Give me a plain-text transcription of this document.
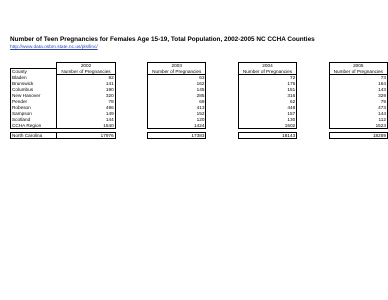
Number of Teen Pregnancies for Females Age 15-19, Total Population, 2002-2005 NC CCHA Counties
http://www.data.osbm.state.nc.us/pls/linc/
	2002		2003		2004		2005
County	Number of Pregnancies		Number of Pregnancies		Number of Pregnancies		Number of Pregnancies
Bladen	92		63		72		73
Brunswick	141		162		176		164
Columbus	190		145		151		143
New Hanover	320		285		316		329
Pender	78		69		62		79
Robeson	496		413		448		473
Sampson	149		152		157		144
Scotland	144		120		130		112
CCHA Region	1540		1424		1502		1523

North Carolina	17976		17383		18143		18259
